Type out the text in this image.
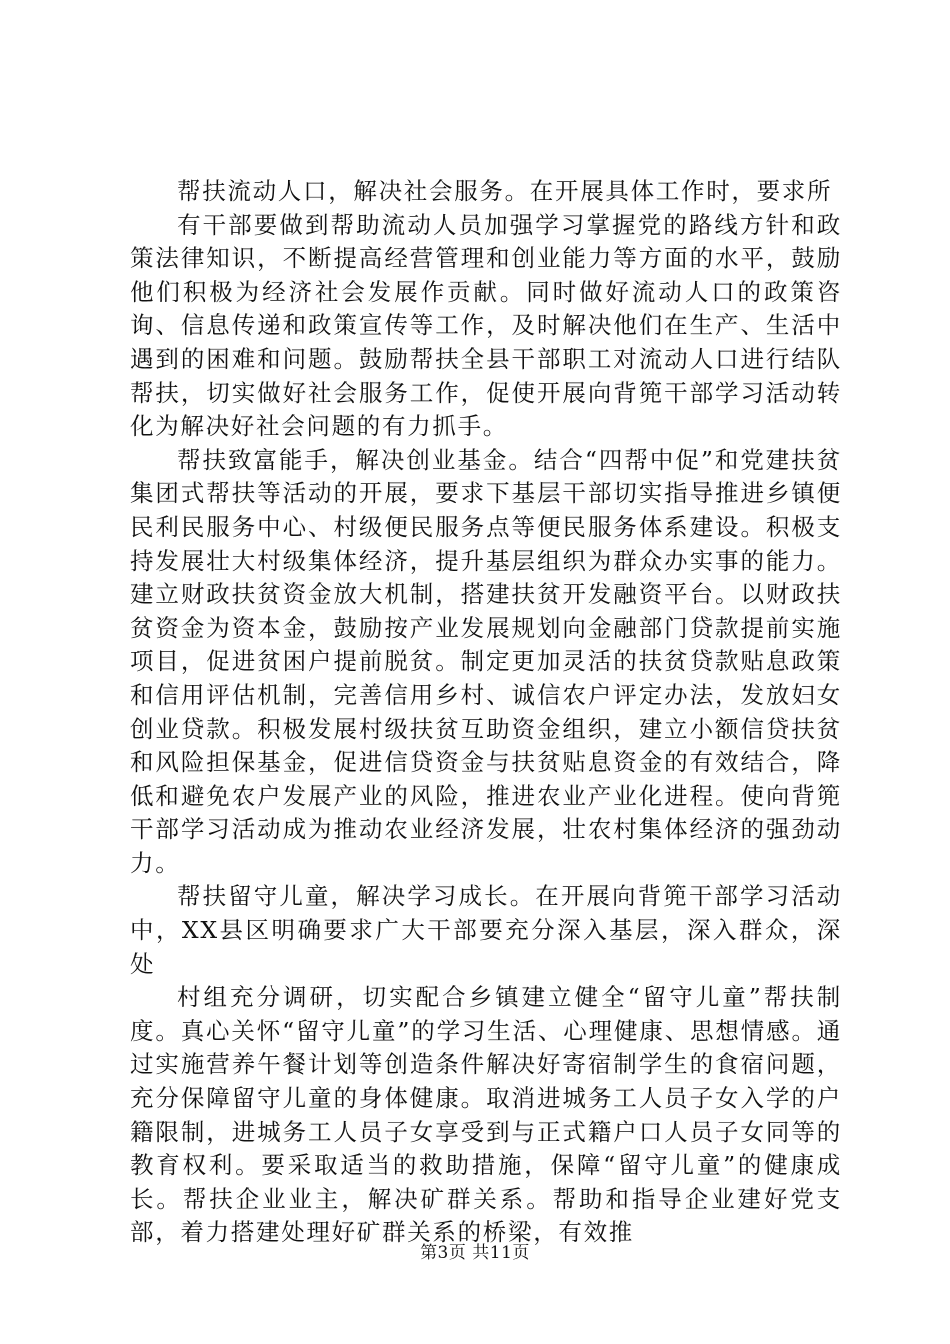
帮扶流动人口，解决社会服务。在开展具体工作时，要求所

有干部要做到帮助流动人员加强学习掌握党的路线方针和政策法律知识，不断提高经营管理和创业能力等方面的水平，鼓励他们积极为经济社会发展作贡献。同时做好流动人口的政策咨询、信息传递和政策宣传等工作，及时解决他们在生产、生活中遇到的困难和问题。鼓励帮扶全县干部职工对流动人口进行结队帮扶，切实做好社会服务工作，促使开展向背篼干部学习活动转化为解决好社会问题的有力抓手。

帮扶致富能手，解决创业基金。结合“四帮中促”和党建扶贫集团式帮扶等活动的开展，要求下基层干部切实指导推进乡镇便民利民服务中心、村级便民服务点等便民服务体系建设。积极支持发展壮大村级集体经济，提升基层组织为群众办实事的能力。建立财政扶贫资金放大机制，搭建扶贫开发融资平台。以财政扶贫资金为资本金，鼓励按产业发展规划向金融部门贷款提前实施项目，促进贫困户提前脱贫。制定更加灵活的扶贫贷款贴息政策和信用评估机制，完善信用乡村、诚信农户评定办法，发放妇女创业贷款。积极发展村级扶贫互助资金组织，建立小额信贷扶贫和风险担保基金，促进信贷资金与扶贫贴息资金的有效结合，降低和避免农户发展产业的风险，推进农业产业化进程。使向背篼干部学习活动成为推动农业经济发展，壮农村集体经济的强劲动力。

帮扶留守儿童，解决学习成长。在开展向背篼干部学习活动中，XX县区明确要求广大干部要充分深入基层，深入群众，深处

村组充分调研，切实配合乡镇建立健全“留守儿童”帮扶制度。真心关怀“留守儿童”的学习生活、心理健康、思想情感。通过实施营养午餐计划等创造条件解决好寄宿制学生的食宿问题，充分保障留守儿童的身体健康。取消进城务工人员子女入学的户籍限制，进城务工人员子女享受到与正式籍户口人员子女同等的教育权利。要采取适当的救助措施，保障“留守儿童”的健康成长。帮扶企业业主，解决矿群关系。帮助和指导企业建好党支部，着力搭建处理好矿群关系的桥梁，有效推

第3页 共11页
